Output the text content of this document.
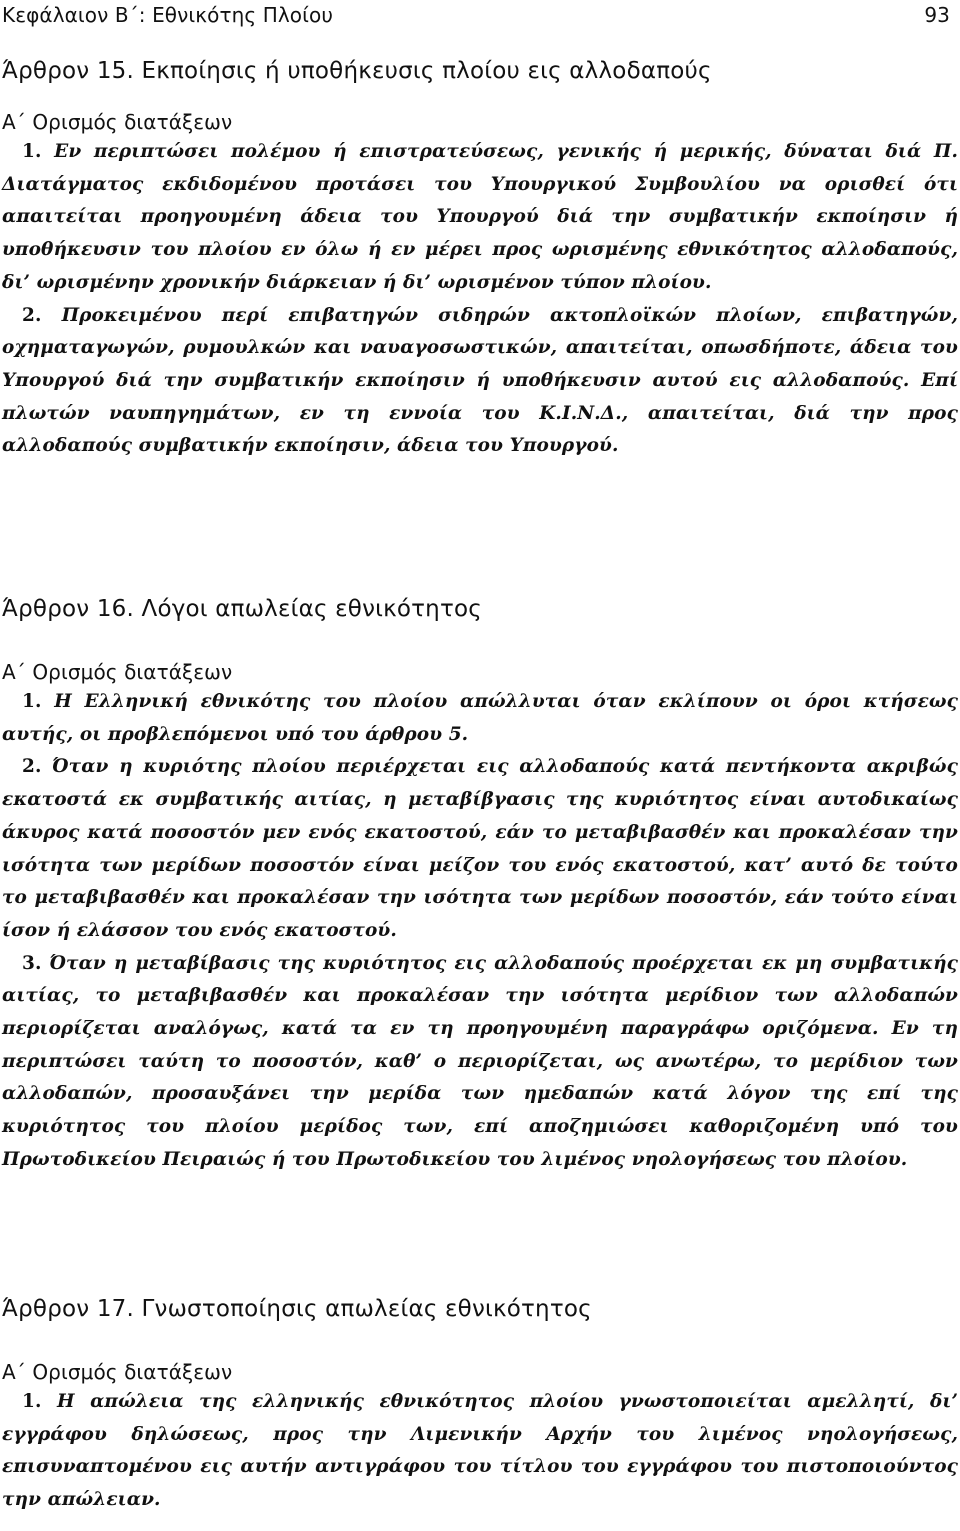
Κεφάλαιον Β΄: Εθνικότης Πλοίου	93
Άρθρον 15. Εκποίησις ή υποθήκευσις πλοίου εις αλλοδαπούς
Α΄ Ορισμός διατάξεων

1. Εν περιπτώσει πολέμου ή επιστρατεύσεως, γενικής ή μερικής, δύναται διά Π. Διατάγματος εκδιδομένου προτάσει του Υπουργικού Συμβουλίου να ορισθεί ότι απαιτείται προηγουμένη άδεια του Υπουργού διά την συμβατικήν εκποίησιν ή υποθήκευσιν του πλοίου εν όλω ή εν μέρει προς ωρισμένης εθνικότητος αλλοδαπούς, δι’ ωρισμένην χρονικήν διάρκειαν ή δι’ ωρισμένον τύπον πλοίου.

2. Προκειμένου περί επιβατηγών σιδηρών ακτοπλοϊκών πλοίων, επιβατηγών, οχηματαγωγών, ρυμουλκών και ναυαγοσωστικών, απαιτείται, οπωσδήποτε, άδεια του Υπουργού διά την συμβατικήν εκποίησιν ή υποθήκευσιν αυτού εις αλλοδαπούς. Επί πλωτών ναυπηγημάτων, εν τη εννοία του Κ.Ι.Ν.Δ., απαιτείται, διά την προς αλλοδαπούς συμβατικήν εκποίησιν, άδεια του Υπουργού.

Άρθρον 16. Λόγοι απωλείας εθνικότητος
Α΄ Ορισμός διατάξεων

1. Η Ελληνική εθνικότης του πλοίου απώλλυται όταν εκλίπουν οι όροι κτήσεως αυτής, οι προβλεπόμενοι υπό του άρθρου 5.

2. Όταν η κυριότης πλοίου περιέρχεται εις αλλοδαπούς κατά πεντήκοντα ακριβώς εκατοστά εκ συμβατικής αιτίας, η μεταβίβγασις της κυριότητος είναι αυτοδικαίως άκυρος κατά ποσοστόν μεν ενός εκατοστού, εάν το μεταβιβασθέν και προκαλέσαν την ισότητα των μερίδων ποσοστόν είναι μείζον του ενός εκατοστού, κατ’ αυτό δε τούτο το μεταβιβασθέν και προκαλέσαν την ισότητα των μερίδων ποσοστόν, εάν τούτο είναι ίσον ή ελάσσον του ενός εκατοστού.

3. Όταν η μεταβίβασις της κυριότητος εις αλλοδαπούς προέρχεται εκ μη συμβατικής αιτίας, το μεταβιβασθέν και προκαλέσαν την ισότητα μερίδιον των αλλοδαπών περιορίζεται αναλόγως, κατά τα εν τη προηγουμένη παραγράφω οριζόμενα. Εν τη περιπτώσει ταύτη το ποσοστόν, καθ’ ο περιορίζεται, ως ανωτέρω, το μερίδιον των αλλοδαπών, προσαυξάνει την μερίδα των ημεδαπών κατά λόγον της επί της κυριότητος του πλοίου μερίδος των, επί αποζημιώσει καθοριζομένη υπό του Πρωτοδικείου Πειραιώς ή του Πρωτοδικείου του λιμένος νηολογήσεως του πλοίου.

Άρθρον 17. Γνωστοποίησις απωλείας εθνικότητος
Α΄ Ορισμός διατάξεων

1. Η απώλεια της ελληνικής εθνικότητος πλοίου γνωστοποιείται αμελλητί, δι’ εγγράφου δηλώσεως, προς την Λιμενικήν Αρχήν του λιμένος νηολογήσεως, επισυναπτομένου εις αυτήν αντιγράφου του τίτλου του εγγράφου του πιστοποιούντος την απώλειαν.
